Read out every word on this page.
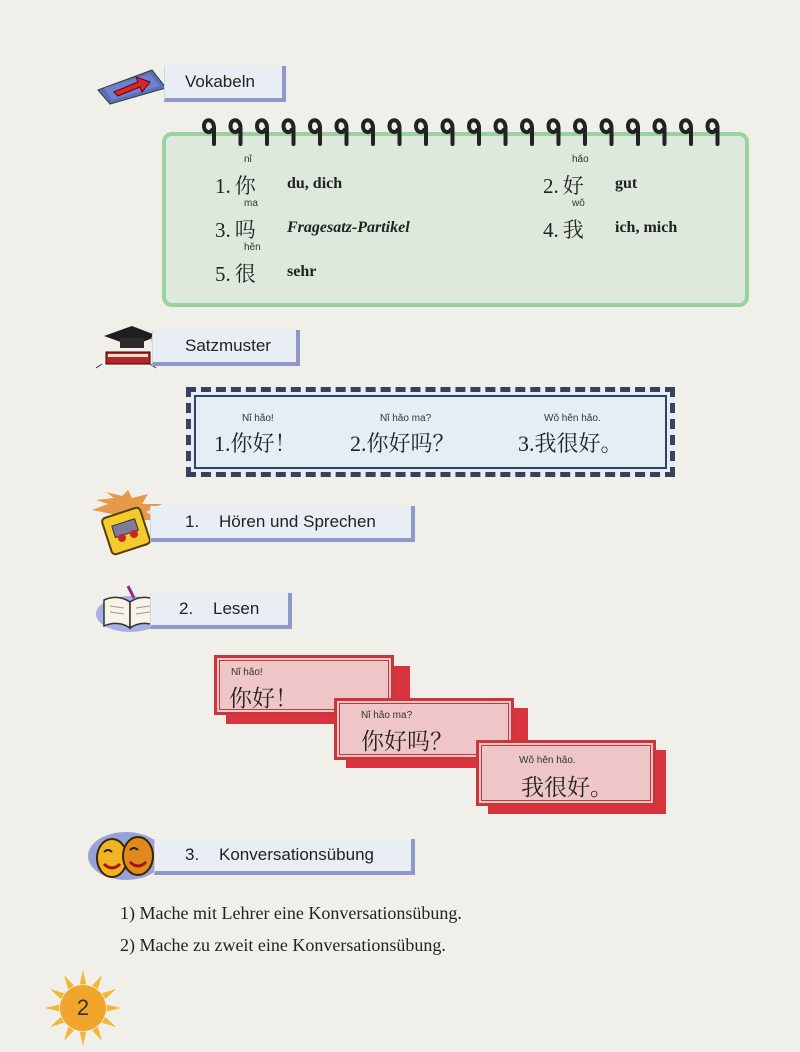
Vokabeln
nǐ
1. 你 du, dich
hǎo
2. 好 gut
ma
3. 吗 Fragesatz-Partikel
wǒ
4. 我 ich, mich
hěn
5. 很 sehr
Satzmuster
Nǐ hǎo!
1.你好！
Nǐ hǎo ma?
2.你好吗？
Wǒ hěn hǎo.
3.我很好。
1.	Hören und Sprechen
2.	Lesen
Nǐ hǎo!
你好！
Nǐ hǎo ma?
你好吗？
Wǒ hěn hǎo.
我很好。
3.	Konversationsübung
1) Mache mit Lehrer eine Konversationsübung.
2) Mache zu zweit eine Konversationsübung.
2
